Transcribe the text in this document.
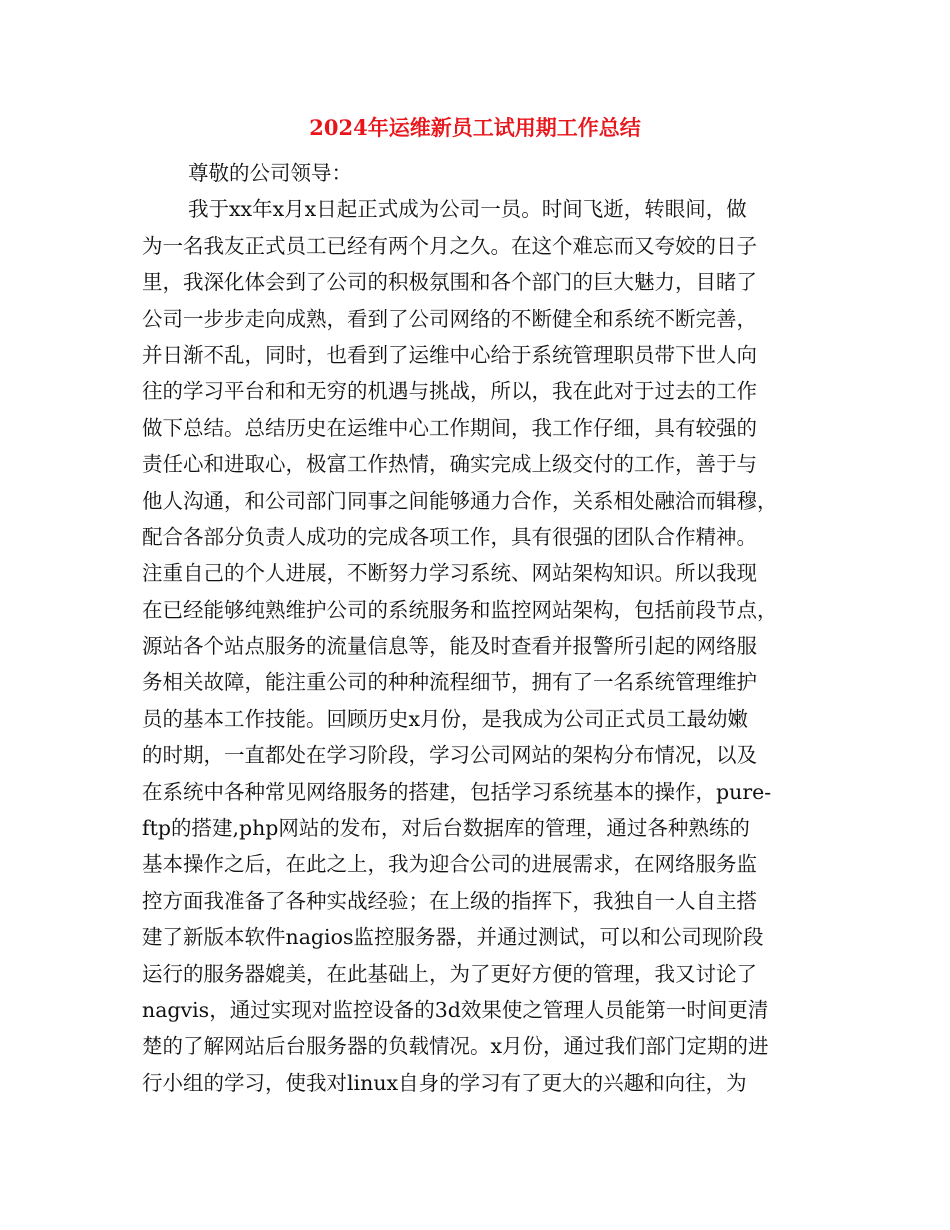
2024年运维新员工试用期工作总结
尊敬的公司领导：
我于xx年x月x日起正式成为公司一员。时间飞逝，转眼间，做
为一名我友正式员工已经有两个月之久。在这个难忘而又夸姣的日子
里，我深化体会到了公司的积极氛围和各个部门的巨大魅力，目睹了
公司一步步走向成熟，看到了公司网络的不断健全和系统不断完善，
并日渐不乱，同时，也看到了运维中心给于系统管理职员带下世人向
往的学习平台和和无穷的机遇与挑战，所以，我在此对于过去的工作
做下总结。总结历史在运维中心工作期间，我工作仔细，具有较强的
责任心和进取心，极富工作热情，确实完成上级交付的工作，善于与
他人沟通，和公司部门同事之间能够通力合作，关系相处融洽而辑穆，
配合各部分负责人成功的完成各项工作，具有很强的团队合作精神。
注重自己的个人进展，不断努力学习系统、网站架构知识。所以我现
在已经能够纯熟维护公司的系统服务和监控网站架构，包括前段节点，
源站各个站点服务的流量信息等，能及时查看并报警所引起的网络服
务相关故障，能注重公司的种种流程细节，拥有了一名系统管理维护
员的基本工作技能。回顾历史x月份，是我成为公司正式员工最幼嫩
的时期，一直都处在学习阶段，学习公司网站的架构分布情况，以及
在系统中各种常见网络服务的搭建，包括学习系统基本的操作，pure-
ftp的搭建,php网站的发布，对后台数据库的管理，通过各种熟练的
基本操作之后，在此之上，我为迎合公司的进展需求，在网络服务监
控方面我准备了各种实战经验；在上级的指挥下，我独自一人自主搭
建了新版本软件nagios监控服务器，并通过测试，可以和公司现阶段
运行的服务器媲美，在此基础上，为了更好方便的管理，我又讨论了
nagvis，通过实现对监控设备的3d效果使之管理人员能第一时间更清
楚的了解网站后台服务器的负载情况。x月份，通过我们部门定期的进
行小组的学习，使我对linux自身的学习有了更大的兴趣和向往，为
